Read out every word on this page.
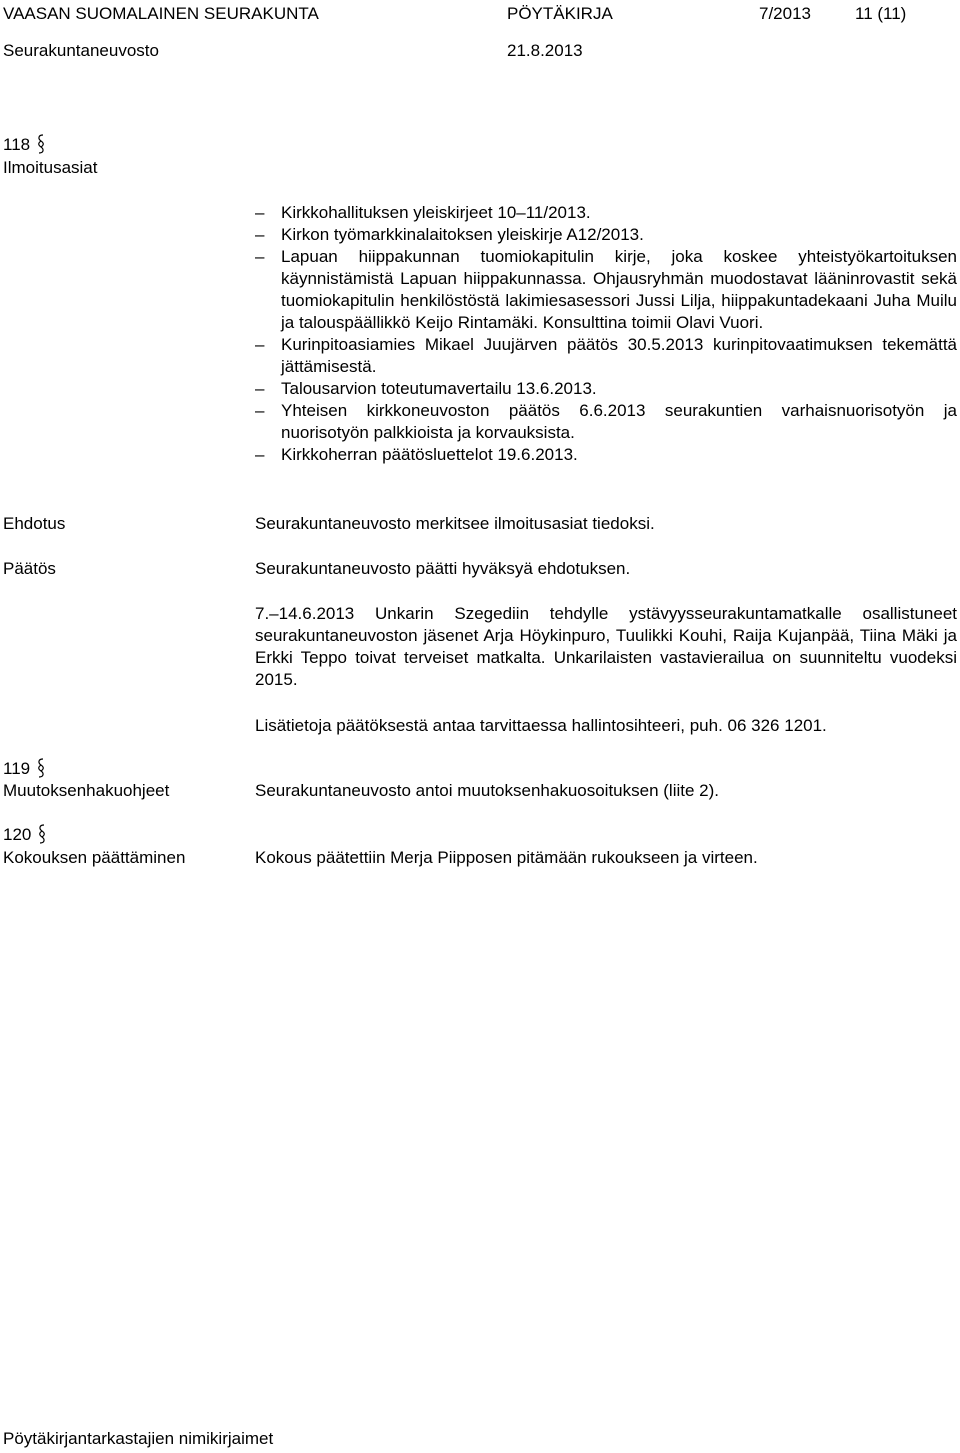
VAASAN SUOMALAINEN SEURAKUNTA	PÖYTÄKIRJA	7/2013	11 (11)
Seurakuntaneuvosto	21.8.2013
118
Ilmoitusasiat
– Kirkkohallituksen yleiskirjeet 10–11/2013.
– Kirkon työmarkkinalaitoksen yleiskirje A12/2013.
– Lapuan hiippakunnan tuomiokapitulin kirje, joka koskee yhteistyökartoituksen käynnistämistä Lapuan hiippakunnassa. Ohjausryhmän muodostavat lääninrovastit sekä tuomiokapitulin henkilöstöstä lakimiesasessori Jussi Lilja, hiippakuntadekaani Juha Muilu ja talouspäällikkö Keijo Rintamäki. Konsulttina toimii Olavi Vuori.
– Kurinpitoasiamies Mikael Juujärven päätös 30.5.2013 kurinpitovaatimuksen tekemättä jättämisestä.
– Talousarvion toteutumavertailu 13.6.2013.
– Yhteisen kirkkoneuvoston päätös 6.6.2013 seurakuntien varhaisnuorisotyön ja nuorisotyön palkkioista ja korvauksista.
– Kirkkoherran päätösluettelot 19.6.2013.
Ehdotus	Seurakuntaneuvosto merkitsee ilmoitusasiat tiedoksi.
Päätös	Seurakuntaneuvosto päätti hyväksyä ehdotuksen.
7.–14.6.2013 Unkarin Szegediin tehdylle ystävyysseurakuntamatkalle osallistuneet seurakuntaneuvoston jäsenet Arja Höykinpuro, Tuulikki Kouhi, Raija Kujanpää, Tiina Mäki ja Erkki Teppo toivat terveiset matkalta. Unkarilaisten vastavierailua on suunniteltu vuodeksi 2015.
Lisätietoja päätöksestä antaa tarvittaessa hallintosihteeri, puh. 06 326 1201.
119
Muutoksenhakuohjeet	Seurakuntaneuvosto antoi muutoksenhakuosoituksen (liite 2).
120
Kokouksen päättäminen	Kokous päätettiin Merja Piipposen pitämään rukoukseen ja virteen.
Pöytäkirjantarkastajien nimikirjaimet
